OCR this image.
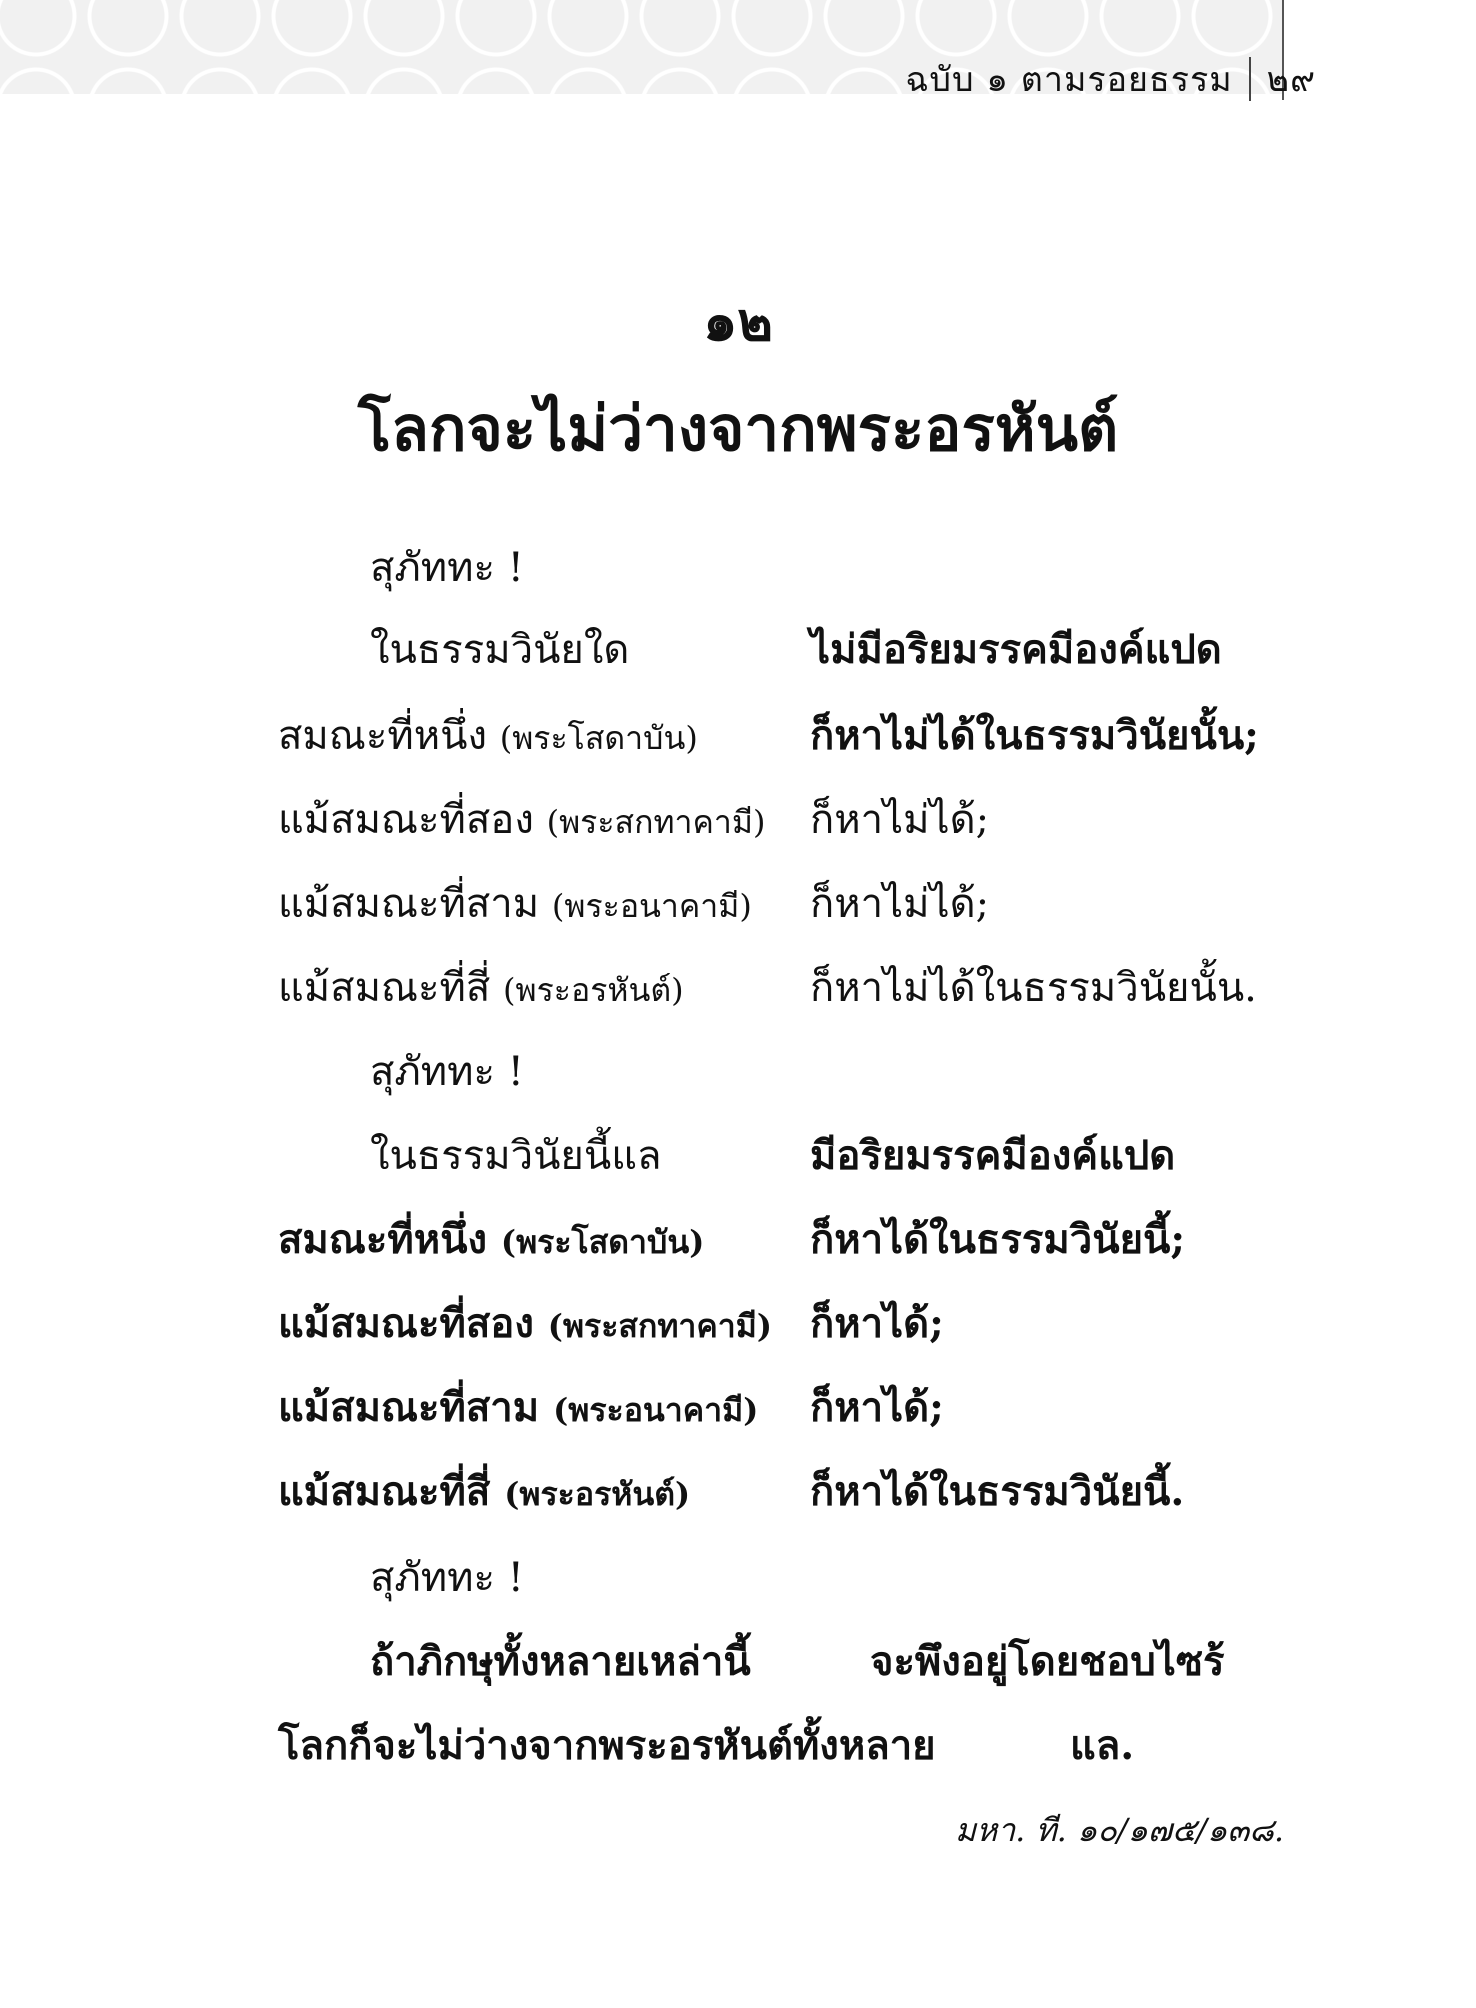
ฉบับ ๑ ตามรอยธรรม ๒๙
๑๒
โลกจะไม่ว่างจากพระอรหันต์
สุภัททะ !
ในธรรมวินัยใด	ไม่มีอริยมรรคมีองค์แปด
สมณะที่หนึ่ง (พระโสดาบัน)	ก็หาไม่ได้ในธรรมวินัยนั้น;
แม้สมณะที่สอง (พระสกทาคามี) ก็หาไม่ได้;
แม้สมณะที่สาม (พระอนาคามี) ก็หาไม่ได้;
แม้สมณะที่สี่ (พระอรหันต์)	ก็หาไม่ได้ในธรรมวินัยนั้น.
สุภัททะ !
ในธรรมวินัยนี้แล	มีอริยมรรคมีองค์แปด
สมณะที่หนึ่ง (พระโสดาบัน)	ก็หาได้ในธรรมวินัยนี้;
แม้สมณะที่สอง (พระสกทาคามี) ก็หาได้;
แม้สมณะที่สาม (พระอนาคามี) ก็หาได้;
แม้สมณะที่สี่ (พระอรหันต์)	ก็หาได้ในธรรมวินัยนี้.
สุภัททะ !
ถ้าภิกษุทั้งหลายเหล่านี้	จะพึงอยู่โดยชอบไซร้
โลกก็จะไม่ว่างจากพระอรหันต์ทั้งหลาย	แล.
มหา. ที. ๑๐/๑๗๕/๑๓๘.
